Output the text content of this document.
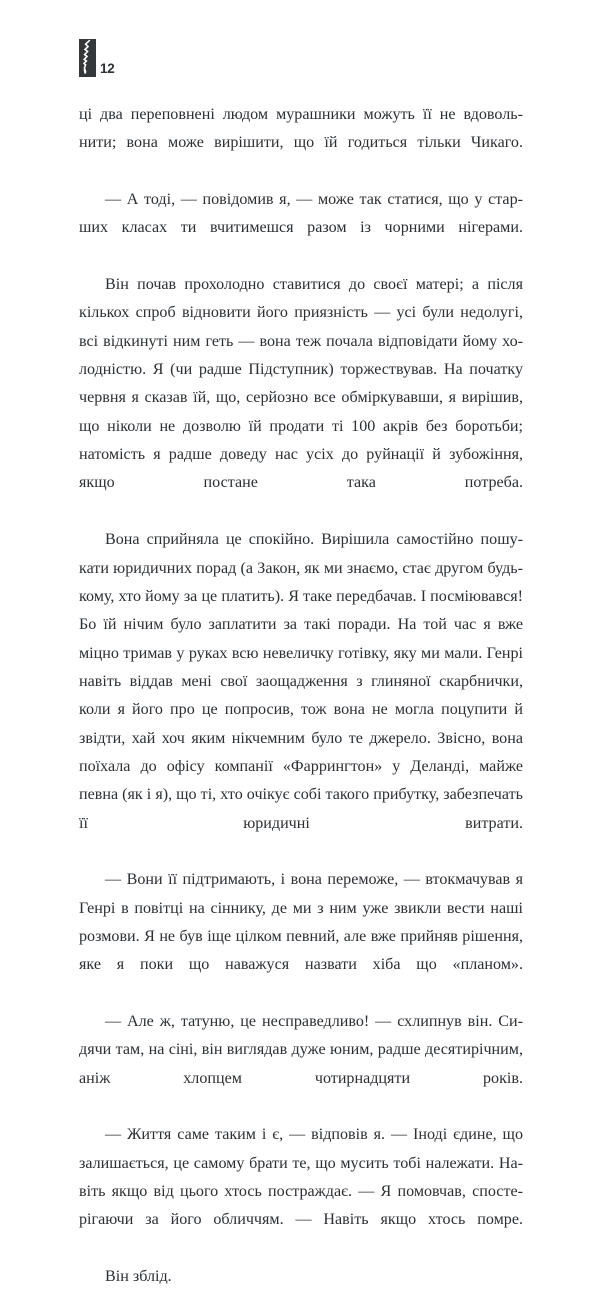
12

ці два переповнені людом мурашники можуть її не вдовольнити; вона може вирішити, що їй годиться тільки Чикаго.

— А тоді, — повідомив я, — може так статися, що у старших класах ти вчитимешся разом із чорними нігерами.

Він почав прохолодно ставитися до своєї матері; а після кількох спроб відновити його приязність — усі були недолугі, всі відкинуті ним геть — вона теж почала відповідати йому холодністю. Я (чи радше Підступник) торжествував. На початку червня я сказав їй, що, серйозно все обміркувавши, я вирішив, що ніколи не дозволю їй продати ті 100 акрів без боротьби; натомість я радше доведу нас усіх до руйнації й зубожіння, якщо постане така потреба.

Вона сприйняла це спокійно. Вирішила самостійно пошукати юридичних порад (а Закон, як ми знаємо, стає другом будь-кому, хто йому за це платить). Я таке передбачав. І посміювався! Бо їй нічим було заплатити за такі поради. На той час я вже міцно тримав у руках всю невеличку готівку, яку ми мали. Генрі навіть віддав мені свої заощадження з глиняної скарбнички, коли я його про це попросив, тож вона не могла поцупити й звідти, хай хоч яким нікчемним було те джерело. Звісно, вона поїхала до офісу компанії «Фаррингтон» у Деланді, майже певна (як і я), що ті, хто очікує собі такого прибутку, забезпечать її юридичні витрати.

— Вони її підтримають, і вона переможе, — втокмачував я Генрі в повітці на сіннику, де ми з ним уже звикли вести наші розмови. Я не був іще цілком певний, але вже прийняв рішення, яке я поки що наважуся назвати хіба що «планом».

— Але ж, татуню, це несправедливо! — схлипнув він. Сидячи там, на сіні, він виглядав дуже юним, радше десятирічним, аніж хлопцем чотирнадцяти років.

— Життя саме таким і є, — відповів я. — Іноді єдине, що залишається, це самому брати те, що мусить тобі належати. Навіть якщо від цього хтось постраждає. — Я помовчав, спостерігаючи за його обличчям. — Навіть якщо хтось помре.

Він зблід.
